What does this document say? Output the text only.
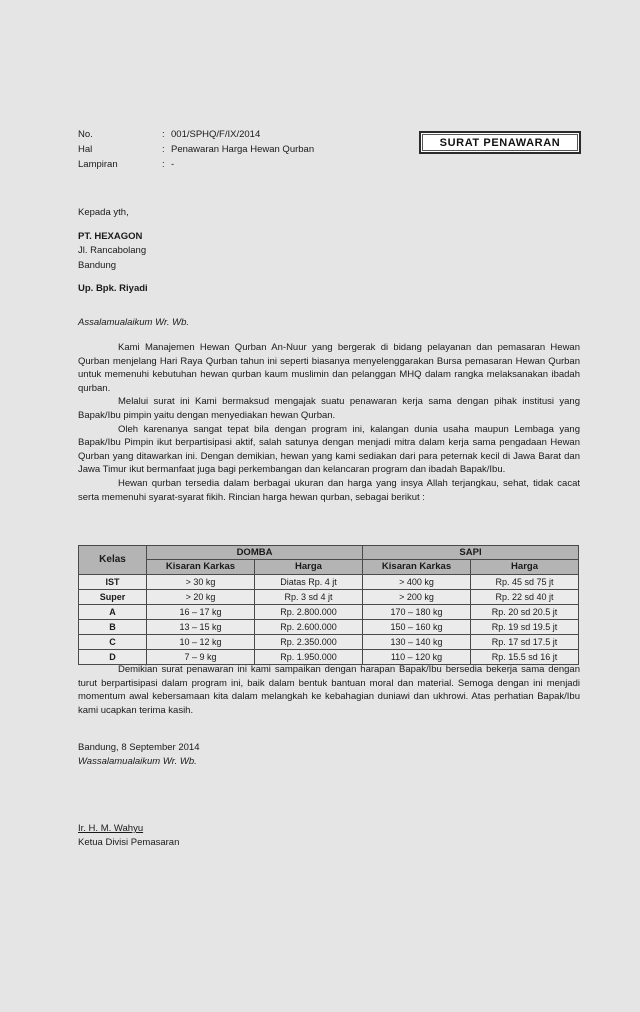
No.	: 001/SPHQ/F/IX/2014
Hal	: Penawaran Harga Hewan Qurban
Lampiran	: -
SURAT PENAWARAN
Kepada yth,
PT. HEXAGON
Jl. Rancabolang
Bandung
Up. Bpk. Riyadi
Assalamualaikum Wr. Wb.

Kami Manajemen Hewan Qurban An-Nuur yang bergerak di bidang pelayanan dan pemasaran Hewan Qurban menjelang Hari Raya Qurban tahun ini seperti biasanya menyelenggarakan Bursa pemasaran Hewan Qurban untuk memenuhi kebutuhan hewan qurban kaum muslimin dan pelanggan MHQ dalam rangka melaksanakan ibadah qurban.

Melalui surat ini Kami bermaksud mengajak suatu penawaran kerja sama dengan pihak institusi yang Bapak/Ibu pimpin yaitu dengan menyediakan hewan Qurban.

Oleh karenanya sangat tepat bila dengan program ini, kalangan dunia usaha maupun Lembaga yang Bapak/Ibu Pimpin ikut berpartisipasi aktif, salah satunya dengan menjadi mitra dalam kerja sama pengadaan Hewan Qurban yang ditawarkan ini. Dengan demikian, hewan yang kami sediakan dari para peternak kecil di Jawa Barat dan Jawa Timur ikut bermanfaat juga bagi perkembangan dan kelancaran program dan ibadah Bapak/Ibu.

Hewan qurban tersedia dalam berbagai ukuran dan harga yang insya Allah terjangkau, sehat, tidak cacat serta memenuhi syarat-syarat fikih. Rincian harga hewan qurban, sebagai berikut :

Kelas	DOMBA		SAPI	
	Kisaran Karkas	Harga	Kisaran Karkas	Harga
IST	> 30 kg	Diatas Rp. 4 jt	> 400 kg	Rp. 45 sd 75 jt
Super	> 20 kg	Rp. 3 sd 4 jt	> 200 kg	Rp. 22 sd 40 jt
A	16 – 17 kg	Rp. 2.800.000	170 – 180 kg	Rp. 20 sd 20.5 jt
B	13 – 15 kg	Rp. 2.600.000	150 – 160 kg	Rp. 19 sd 19.5 jt
C	10 – 12 kg	Rp. 2.350.000	130 – 140 kg	Rp. 17 sd 17.5 jt
D	7 – 9 kg	Rp. 1.950.000	110 – 120 kg	Rp. 15.5 sd 16 jt

Demikian surat penawaran ini kami sampaikan dengan harapan Bapak/Ibu bersedia bekerja sama dengan turut berpartisipasi dalam program ini, baik dalam bentuk bantuan moral dan material. Semoga dengan ini menjadi momentum awal kebersamaan kita dalam melangkah ke kebahagian duniawi dan ukhrowi. Atas perhatian Bapak/Ibu kami ucapkan terima kasih.

Bandung, 8 September 2014
Wassalamualaikum Wr. Wb.
Ir. H. M. Wahyu
Ketua Divisi Pemasaran
